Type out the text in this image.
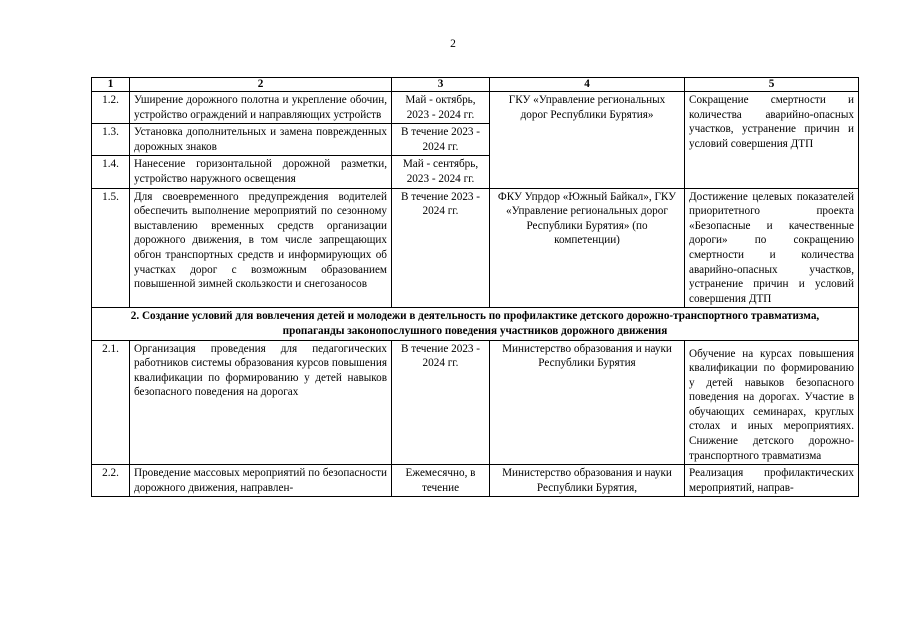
2
1	2	3	4	5
1.2.	Уширение дорожного полотна и укрепление обочин, устройство ограждений и направляющих устройств	Май - октябрь, 2023 - 2024 гг.	ГКУ «Управление региональных дорог Республики Бурятия»	Сокращение смертности и количества аварийно-опасных участков, устранение причин и условий совершения ДТП
1.3.	Установка дополнительных и замена поврежденных дорожных знаков	В течение 2023 - 2024 гг.		
1.4.	Нанесение горизонтальной дорожной разметки, устройство наружного освещения	Май - сентябрь, 2023 - 2024 гг.		
1.5.	Для своевременного предупреждения водителей обеспечить выполнение мероприятий по сезонному выставлению временных средств организации дорожного движения, в том числе запрещающих обгон транспортных средств и информирующих об участках дорог с возможным образованием повышенной зимней скользкости и снегозаносов	В течение 2023 - 2024 гг.	ФКУ Упрдор «Южный Байкал», ГКУ «Управление региональных дорог Республики Бурятия» (по компетенции)	Достижение целевых показателей приоритетного проекта «Безопасные и качественные дороги» по сокращению смертности и количества аварийно-опасных участков, устранение причин и условий совершения ДТП
2. Создание условий для вовлечения детей и молодежи в деятельность по профилактике детского дорожно-транспортного травматизма, пропаганды законопослушного поведения участников дорожного движения				
2.1.	Организация проведения для педагогических работников системы образования курсов повышения квалификации по формированию у детей навыков безопасного поведения на дорогах	В течение 2023 - 2024 гг.	Министерство образования и науки Республики Бурятия	Обучение на курсах повышения квалификации по формированию у детей навыков безопасного поведения на дорогах. Участие в обучающих семинарах, круглых столах и иных мероприятиях. Снижение детского дорожно-транспортного травматизма
2.2.	Проведение массовых мероприятий по безопасности дорожного движения, направлен-	Ежемесячно, в течение	Министерство образования и науки Республики Бурятия,	Реализация профилактических мероприятий, направ-
